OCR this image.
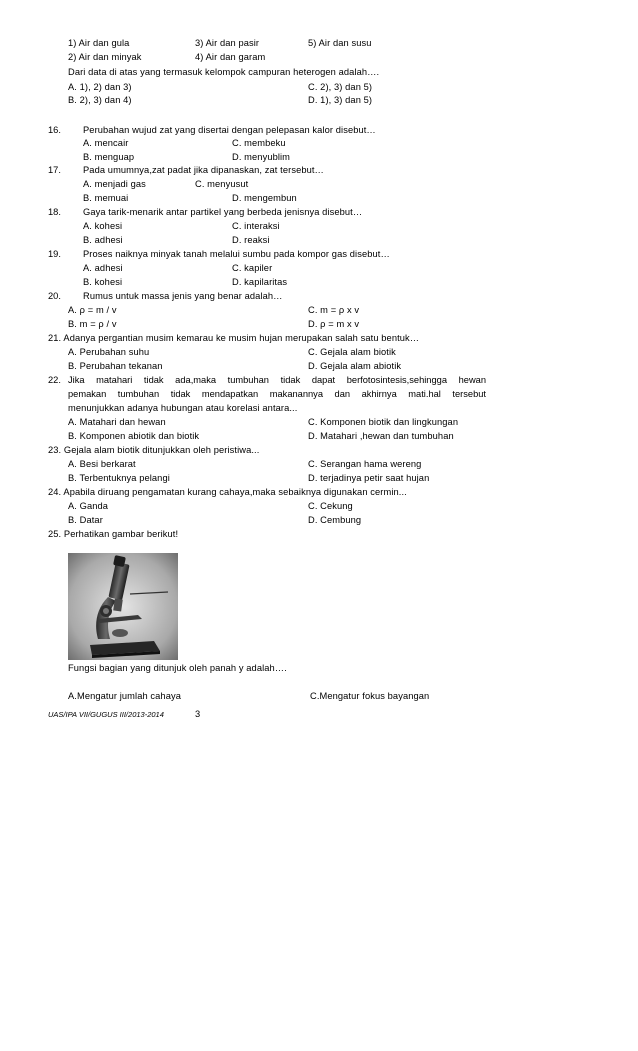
1) Air dan gula	3) Air dan pasir	5) Air dan susu
2) Air dan minyak	4) Air dan garam
Dari data di atas yang termasuk kelompok campuran heterogen adalah….
A. 1), 2) dan 3)	C. 2), 3) dan 5)
B. 2), 3) dan 4)	D. 1), 3) dan 5)
16. Perubahan wujud zat yang disertai dengan pelepasan kalor disebut…
A. mencair	C. membeku
B. menguap	D. menyublim
17. Pada umumnya,zat padat jika dipanaskan, zat tersebut…
A. menjadi gas	C. menyusut
B. memuai	D. mengembun
18. Gaya tarik-menarik antar partikel yang berbeda jenisnya disebut…
A. kohesi	C. interaksi
B. adhesi	D. reaksi
19. Proses naiknya minyak tanah melalui sumbu pada kompor gas disebut…
A. adhesi	C. kapiler
B. kohesi	D. kapilaritas
20. Rumus untuk massa jenis yang benar adalah…
A. ρ = m / v	C. m = ρ x v
B. m = ρ / v	D. ρ = m x v
21. Adanya pergantian musim kemarau ke musim hujan merupakan salah satu bentuk…
A. Perubahan suhu	C. Gejala alam biotik
B. Perubahan tekanan	D. Gejala alam abiotik
22. Jika matahari tidak ada,maka tumbuhan tidak dapat berfotosintesis,sehingga hewan
pemakan tumbuhan tidak mendapatkan makanannya dan akhirnya mati.hal tersebut
menunjukkan adanya hubungan atau korelasi antara...
A. Matahari dan hewan	C. Komponen biotik dan lingkungan
B. Komponen abiotik dan biotik	D. Matahari ,hewan dan tumbuhan
23. Gejala alam biotik ditunjukkan oleh peristiwa...
A. Besi berkarat	C. Serangan hama wereng
B. Terbentuknya pelangi	D. terjadinya petir saat hujan
24. Apabila diruang pengamatan kurang cahaya,maka sebaiknya digunakan cermin...
A. Ganda	C. Cekung
B. Datar	D. Cembung
25. Perhatikan gambar berikut!
Fungsi bagian yang ditunjuk oleh panah y adalah….
A.Mengatur jumlah cahaya	C.Mengatur fokus bayangan
UAS/IPA VII/GUGUS III/2013-2014	3
